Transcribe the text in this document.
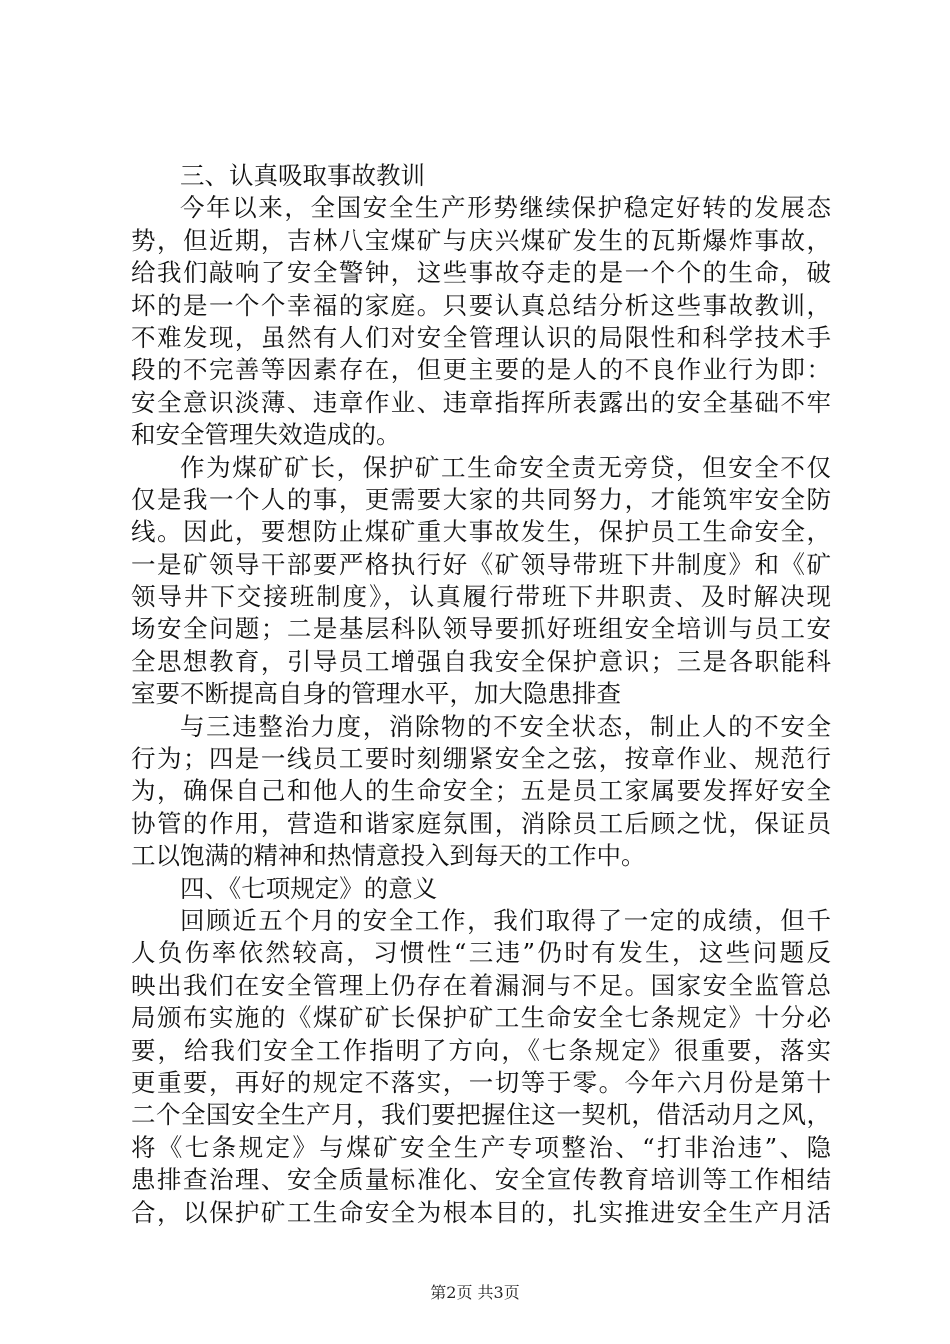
三、认真吸取事故教训
今年以来，全国安全生产形势继续保护稳定好转的发展态
势，但近期，吉林八宝煤矿与庆兴煤矿发生的瓦斯爆炸事故，
给我们敲响了安全警钟，这些事故夺走的是一个个的生命，破
坏的是一个个幸福的家庭。只要认真总结分析这些事故教训，
不难发现，虽然有人们对安全管理认识的局限性和科学技术手
段的不完善等因素存在，但更主要的是人的不良作业行为即：
安全意识淡薄、违章作业、违章指挥所表露出的安全基础不牢
和安全管理失效造成的。
作为煤矿矿长，保护矿工生命安全责无旁贷，但安全不仅
仅是我一个人的事，更需要大家的共同努力，才能筑牢安全防
线。因此，要想防止煤矿重大事故发生，保护员工生命安全，
一是矿领导干部要严格执行好《矿领导带班下井制度》和《矿
领导井下交接班制度》，认真履行带班下井职责、及时解决现
场安全问题；二是基层科队领导要抓好班组安全培训与员工安
全思想教育，引导员工增强自我安全保护意识；三是各职能科
室要不断提高自身的管理水平，加大隐患排查
与三违整治力度，消除物的不安全状态，制止人的不安全
行为；四是一线员工要时刻绷紧安全之弦，按章作业、规范行
为，确保自己和他人的生命安全；五是员工家属要发挥好安全
协管的作用，营造和谐家庭氛围，消除员工后顾之忧，保证员
工以饱满的精神和热情意投入到每天的工作中。
四、《七项规定》的意义
回顾近五个月的安全工作，我们取得了一定的成绩，但千
人负伤率依然较高，习惯性“三违”仍时有发生，这些问题反
映出我们在安全管理上仍存在着漏洞与不足。国家安全监管总
局颁布实施的《煤矿矿长保护矿工生命安全七条规定》十分必
要，给我们安全工作指明了方向，《七条规定》很重要，落实
更重要，再好的规定不落实，一切等于零。今年六月份是第十
二个全国安全生产月，我们要把握住这一契机，借活动月之风，
将《七条规定》与煤矿安全生产专项整治、“打非治违”、隐
患排查治理、安全质量标准化、安全宣传教育培训等工作相结
合，以保护矿工生命安全为根本目的，扎实推进安全生产月活
第2页 共3页
